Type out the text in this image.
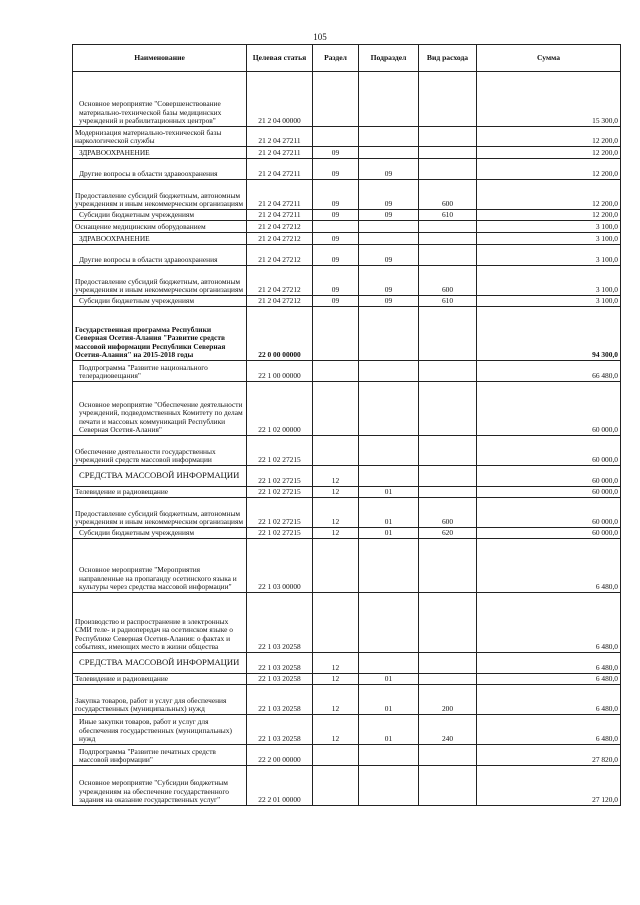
105
Наименование	Целевая статья	Раздел	Подраздел	Вид расхода	Сумма
Основное мероприятие "Совершенствование материально-технической базы медицинских учреждений и реабилитационных центров"	21 2 04 00000				15 300,0
Модернизация материально-технической базы наркологической службы	21 2 04 27211				12 200,0
ЗДРАВООХРАНЕНИЕ	21 2 04 27211	09			12 200,0
Другие вопросы в области здравоохранения	21 2 04 27211	09	09		12 200,0
Предоставление субсидий бюджетным, автономным учреждениям и иным некоммерческим организациям	21 2 04 27211	09	09	600	12 200,0
Субсидии бюджетным учреждениям	21 2 04 27211	09	09	610	12 200,0
Оснащение медицинским оборудованием	21 2 04 27212				3 100,0
ЗДРАВООХРАНЕНИЕ	21 2 04 27212	09			3 100,0
Другие вопросы в области здравоохранения	21 2 04 27212	09	09		3 100,0
Предоставление субсидий бюджетным, автономным учреждениям и иным некоммерческим организациям	21 2 04 27212	09	09	600	3 100,0
Субсидии бюджетным учреждениям	21 2 04 27212	09	09	610	3 100,0
Государственная программа Республики Северная Осетия-Алания "Развитие средств массовой информации Республики Северная Осетия-Алания" на 2015-2018 годы	22 0 00 00000				94 300,0
Подпрограмма "Развитие национального телерадиовещания"	22 1 00 00000				66 480,0
Основное мероприятие "Обеспечение деятельности учреждений, подведомственных Комитету по делам печати и массовых коммуникаций Республики Северная Осетия-Алания"	22 1 02 00000				60 000,0
Обеспечение деятельности государственных учреждений средств массовой информации	22 1 02 27215				60 000,0
СРЕДСТВА МАССОВОЙ ИНФОРМАЦИИ	22 1 02 27215	12			60 000,0
Телевидение и радиовещание	22 1 02 27215	12	01		60 000,0
Предоставление субсидий бюджетным, автономным учреждениям и иным некоммерческим организациям	22 1 02 27215	12	01	600	60 000,0
Субсидии бюджетным учреждениям	22 1 02 27215	12	01	620	60 000,0
Основное мероприятие "Мероприятия направленные на пропаганду осетинского языка и культуры через средства массовой информации"	22 1 03 00000				6 480,0
Производство и распространение в электронных СМИ теле- и радиопередач на осетинском языке о Республике Северная Осетия-Алания: о фактах и событиях, имеющих место в жизни общества	22 1 03 20258				6 480,0
СРЕДСТВА МАССОВОЙ ИНФОРМАЦИИ	22 1 03 20258	12			6 480,0
Телевидение и радиовещание	22 1 03 20258	12	01		6 480,0
Закупка товаров, работ и услуг для обеспечения государственных (муниципальных) нужд	22 1 03 20258	12	01	200	6 480,0
Иные закупки товаров, работ и услуг для обеспечения государственных (муниципальных) нужд	22 1 03 20258	12	01	240	6 480,0
Подпрограмма "Развитие печатных средств массовой информации"	22 2 00 00000				27 820,0
Основное мероприятие "Субсидии бюджетным учреждениям на обеспечение государственного задания на оказание государственных услуг"	22 2 01 00000				27 120,0
